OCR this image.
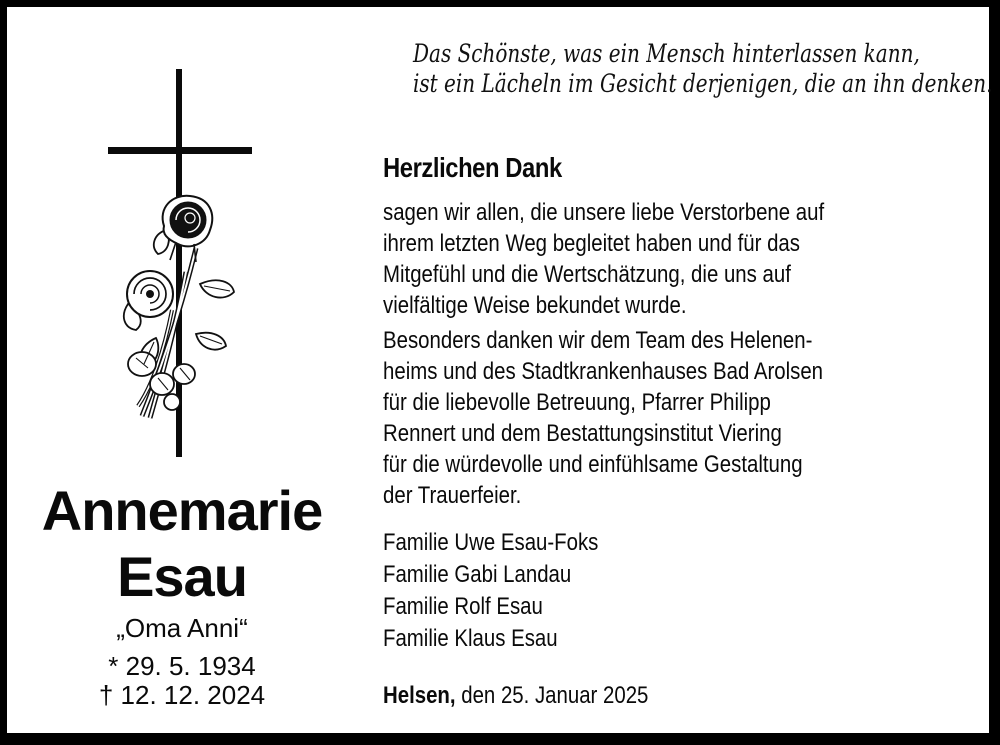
Das Schönste, was ein Mensch hinterlassen kann,
ist ein Lächeln im Gesicht derjenigen, die an ihn denken.
Annemarie
Esau
„Oma Anni“
* 29. 5. 1934
† 12. 12. 2024
Herzlichen Dank
sagen wir allen, die unsere liebe Verstorbene auf
ihrem letzten Weg begleitet haben und für das
Mitgefühl und die Wertschätzung, die uns auf
vielfältige Weise bekundet wurde.
Besonders danken wir dem Team des Helenen-
heims und des Stadtkrankenhauses Bad Arolsen
für die liebevolle Betreuung, Pfarrer Philipp
Rennert und dem Bestattungsinstitut Viering
für die würdevolle und einfühlsame Gestaltung
der Trauerfeier.
Familie Uwe Esau-Foks
Familie Gabi Landau
Familie Rolf Esau
Familie Klaus Esau
Helsen, den 25. Januar 2025
